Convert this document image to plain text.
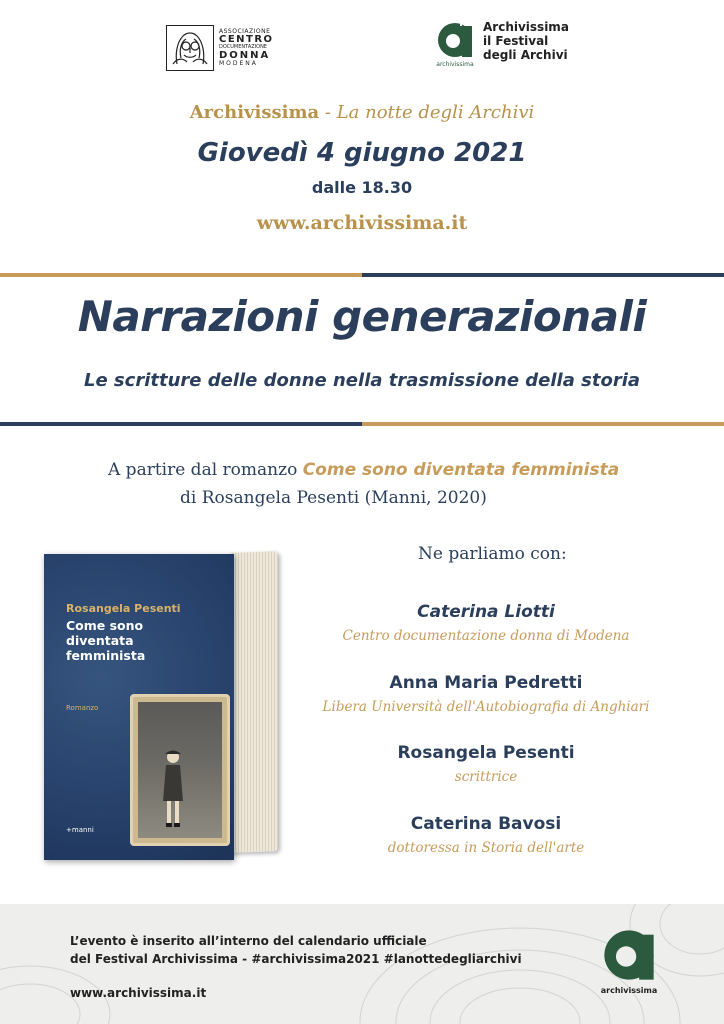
ASSOCIAZIONE
CENTRO
DOCUMENTAZIONE
DONNA
MODENA	archivissima
Archivissima
il Festival
degli Archivi
Archivissima - La notte degli Archivi
Giovedì 4 giugno 2021
dalle 18.30
www.archivissima.it
Narrazioni generazionali
Le scritture delle donne nella trasmissione della storia
A partire dal romanzo Come sono diventata femminista
di Rosangela Pesenti (Manni, 2020)
Rosangela Pesenti
Come sono diventata femminista
Romanzo
+manni
Ne parliamo con:
Caterina Liotti
Centro documentazione donna di Modena
Anna Maria Pedretti
Libera Università dell'Autobiografia di Anghiari
Rosangela Pesenti
scrittrice
Caterina Bavosi
dottoressa in Storia dell'arte
L’evento è inserito all’interno del calendario ufficiale
del Festival Archivissima - #archivissima2021 #lanottedegliarchivi
www.archivissima.it	archivissima
